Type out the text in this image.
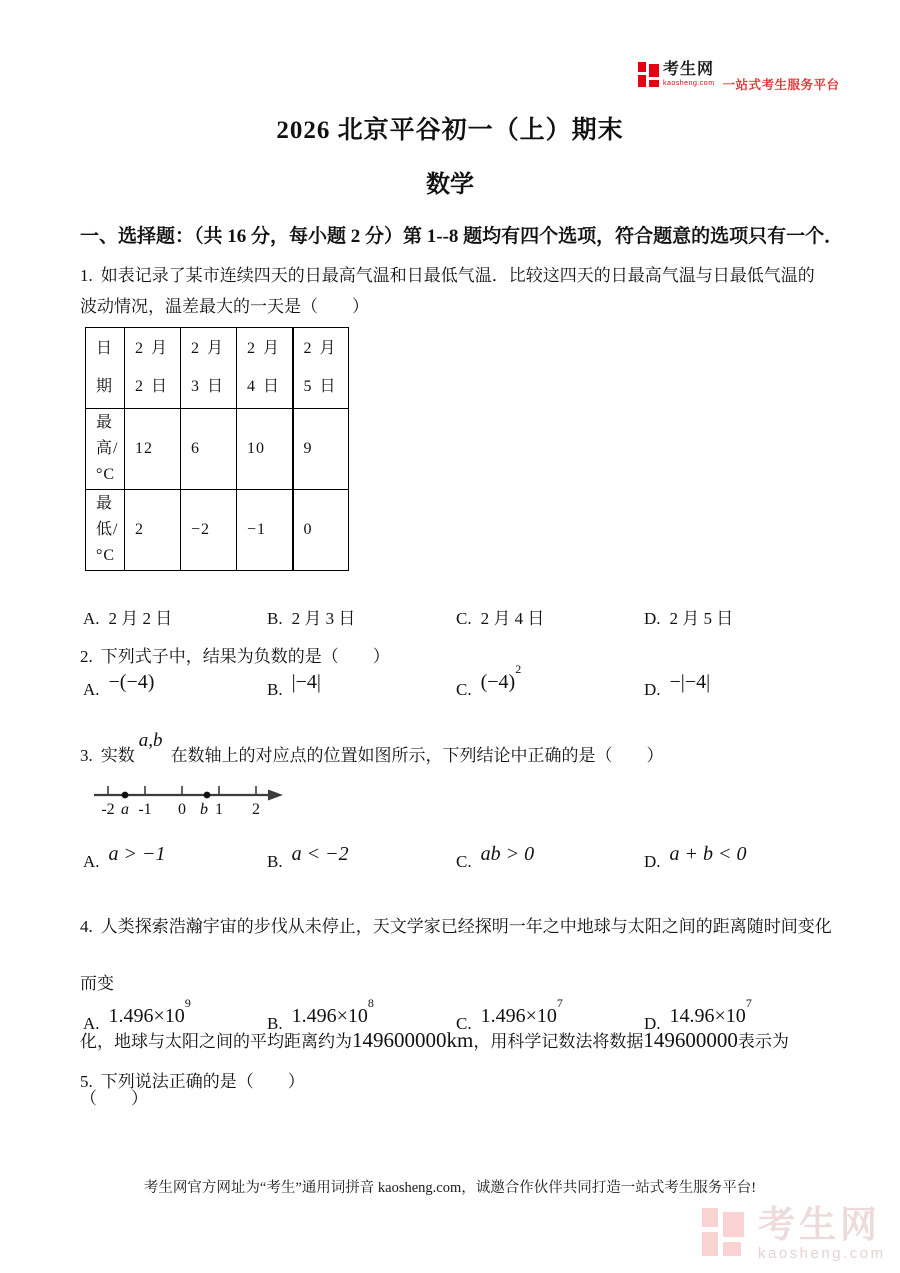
考生网
kaosheng.com 一站式考生服务平台
2026 北京平谷初一（上）期末
数学
一、选择题：（共 16 分，每小题 2 分）第 1--8 题均有四个选项，符合题意的选项只有一个．
1. 如表记录了某市连续四天的日最高气温和日最低气温．比较这四天的日最高气温与日最低气温的波动情况，温差最大的一天是（　　）
日期	2 月 2 日	2 月 3 日	2 月 4 日	2 月 5 日
最高/°C	12	6	10	9
最低/°C	2	−2	−1	0
A. 2 月 2 日	B. 2 月 3 日	C. 2 月 4 日	D. 2 月 5 日
2. 下列式子中，结果为负数的是（　　）
A. −(−4)	B. |−4|	C. $(-4)^2$
D. −|−4|
3. 实数a,b在数轴上的对应点的位置如图所示，下列结论中正确的是（　　）
-2 a -1 0 b 1 2
A. a > −1	B. a < −2	C. ab > 0	D. a + b < 0
4. 人类探索浩瀚宇宙的步伐从未停止，天文学家已经探明一年之中地球与太阳之间的距离随时间变化而变
化，地球与太阳之间的平均距离约为149600000km，用科学记数法将数据149600000表示为（　　）
A. $1.496\times 10^9$
B. $1.496\times 10^8$
C. $1.496\times 10^7$
D. $14.96\times 10^7$
5. 下列说法正确的是（　　）
考生网官方网址为“考生”通用词拼音 kaosheng.com，诚邀合作伙伴共同打造一站式考生服务平台!
考生网
kaosheng.com
